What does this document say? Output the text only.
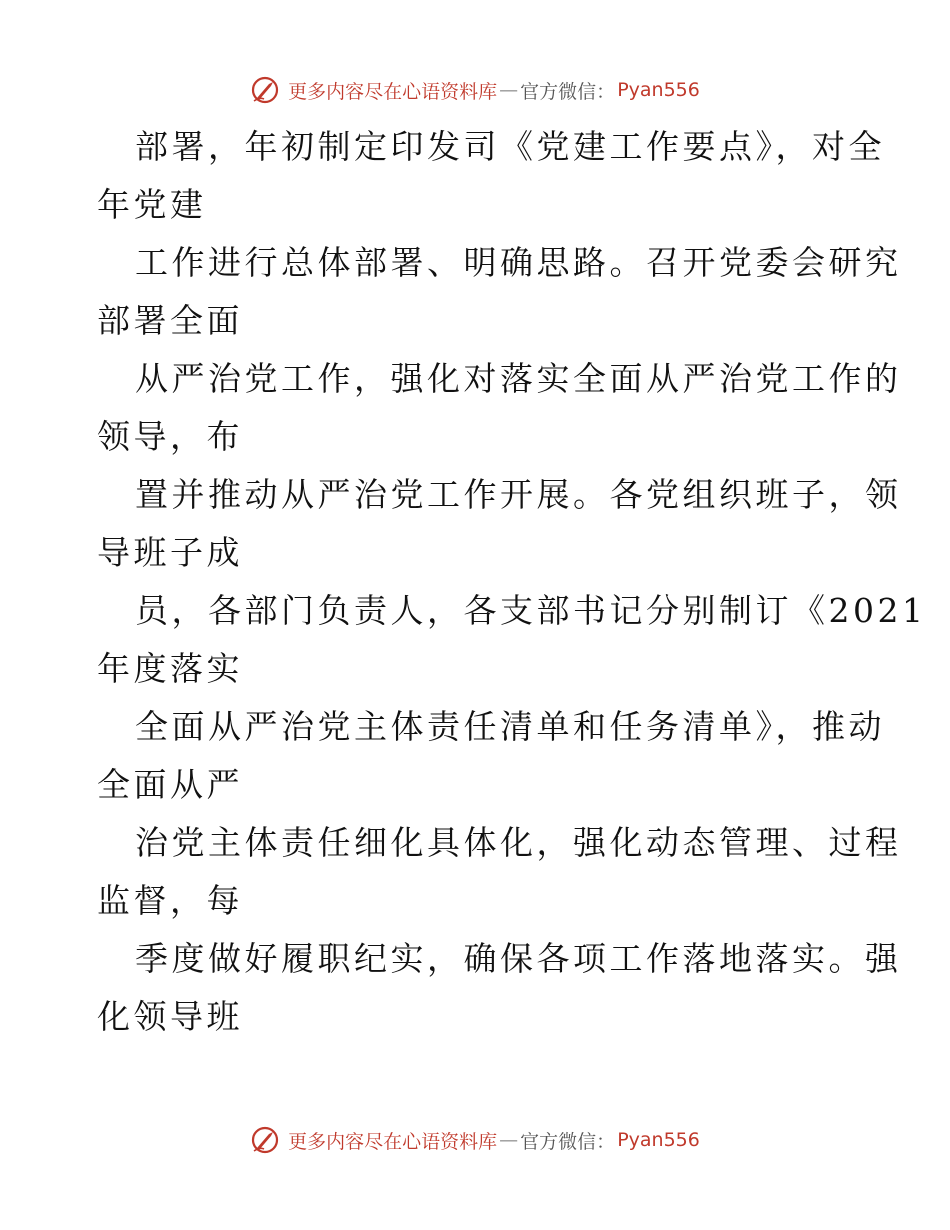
更多内容尽在心语资料库 — 官方微信： Pyan556
部署，年初制定印发司《党建工作要点》，对全
年党建
工作进行总体部署、明确思路。召开党委会研究
部署全面
从严治党工作，强化对落实全面从严治党工作的
领导，布
置并推动从严治党工作开展。各党组织班子，领
导班子成
员，各部门负责人，各支部书记分别制订《2021
年度落实
全面从严治党主体责任清单和任务清单》，推动
全面从严
治党主体责任细化具体化，强化动态管理、过程
监督，每
季度做好履职纪实，确保各项工作落地落实。强
化领导班
更多内容尽在心语资料库 — 官方微信： Pyan556
